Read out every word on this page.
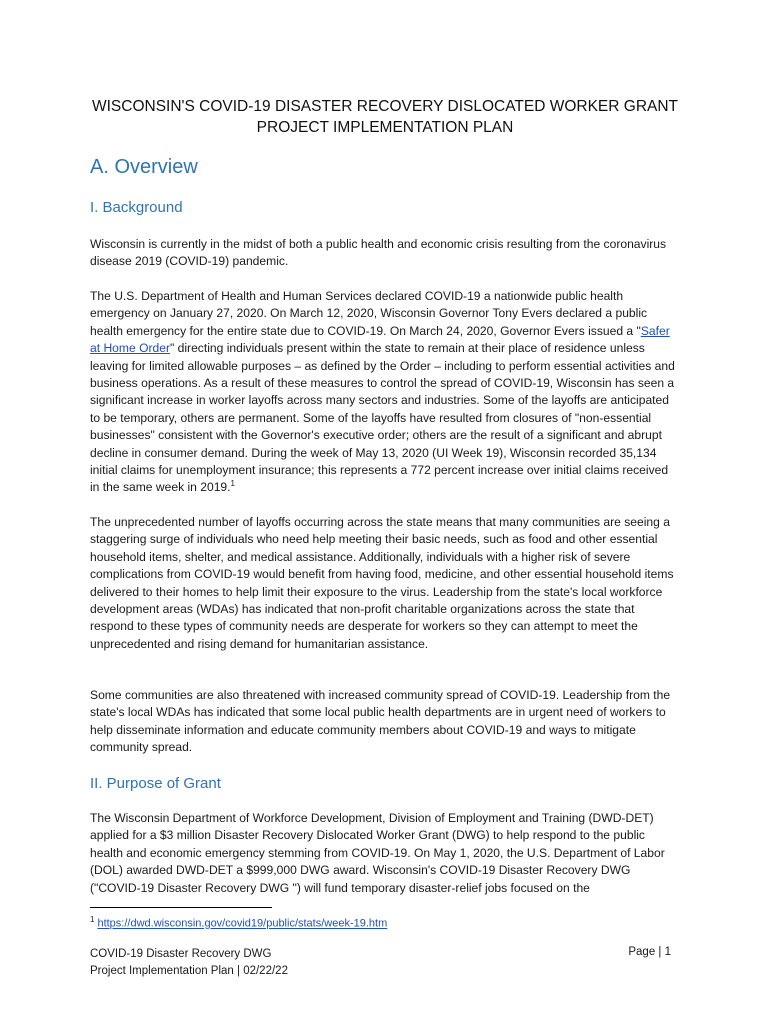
WISCONSIN'S COVID-19 DISASTER RECOVERY DISLOCATED WORKER GRANT
PROJECT IMPLEMENTATION PLAN
A. Overview
I. Background

Wisconsin is currently in the midst of both a public health and economic crisis resulting from the coronavirus disease 2019 (COVID-19) pandemic.

The U.S. Department of Health and Human Services declared COVID-19 a nationwide public health emergency on January 27, 2020. On March 12, 2020, Wisconsin Governor Tony Evers declared a public health emergency for the entire state due to COVID-19. On March 24, 2020, Governor Evers issued a "Safer at Home Order" directing individuals present within the state to remain at their place of residence unless leaving for limited allowable purposes – as defined by the Order – including to perform essential activities and business operations. As a result of these measures to control the spread of COVID-19, Wisconsin has seen a significant increase in worker layoffs across many sectors and industries. Some of the layoffs are anticipated to be temporary, others are permanent. Some of the layoffs have resulted from closures of "non-essential businesses" consistent with the Governor's executive order; others are the result of a significant and abrupt decline in consumer demand. During the week of May 13, 2020 (UI Week 19), Wisconsin recorded 35,134 initial claims for unemployment insurance; this represents a 772 percent increase over initial claims received in the same week in 2019.$^1$

The unprecedented number of layoffs occurring across the state means that many communities are seeing a staggering surge of individuals who need help meeting their basic needs, such as food and other essential household items, shelter, and medical assistance. Additionally, individuals with a higher risk of severe complications from COVID-19 would benefit from having food, medicine, and other essential household items delivered to their homes to help limit their exposure to the virus. Leadership from the state's local workforce development areas (WDAs) has indicated that non-profit charitable organizations across the state that respond to these types of community needs are desperate for workers so they can attempt to meet the unprecedented and rising demand for humanitarian assistance.

Some communities are also threatened with increased community spread of COVID-19. Leadership from the state's local WDAs has indicated that some local public health departments are in urgent need of workers to help disseminate information and educate community members about COVID-19 and ways to mitigate community spread.

II. Purpose of Grant

The Wisconsin Department of Workforce Development, Division of Employment and Training (DWD-DET) applied for a $3 million Disaster Recovery Dislocated Worker Grant (DWG) to help respond to the public health and economic emergency stemming from COVID-19. On May 1, 2020, the U.S. Department of Labor (DOL) awarded DWD-DET a $999,000 DWG award. Wisconsin's COVID-19 Disaster Recovery DWG ("COVID-19 Disaster Recovery DWG ") will fund temporary disaster-relief jobs focused on the

$^1$ https://dwd.wisconsin.gov/covid19/public/stats/week-19.htm
COVID-19 Disaster Recovery DWG
Project Implementation Plan | 02/22/22
Page | 1
